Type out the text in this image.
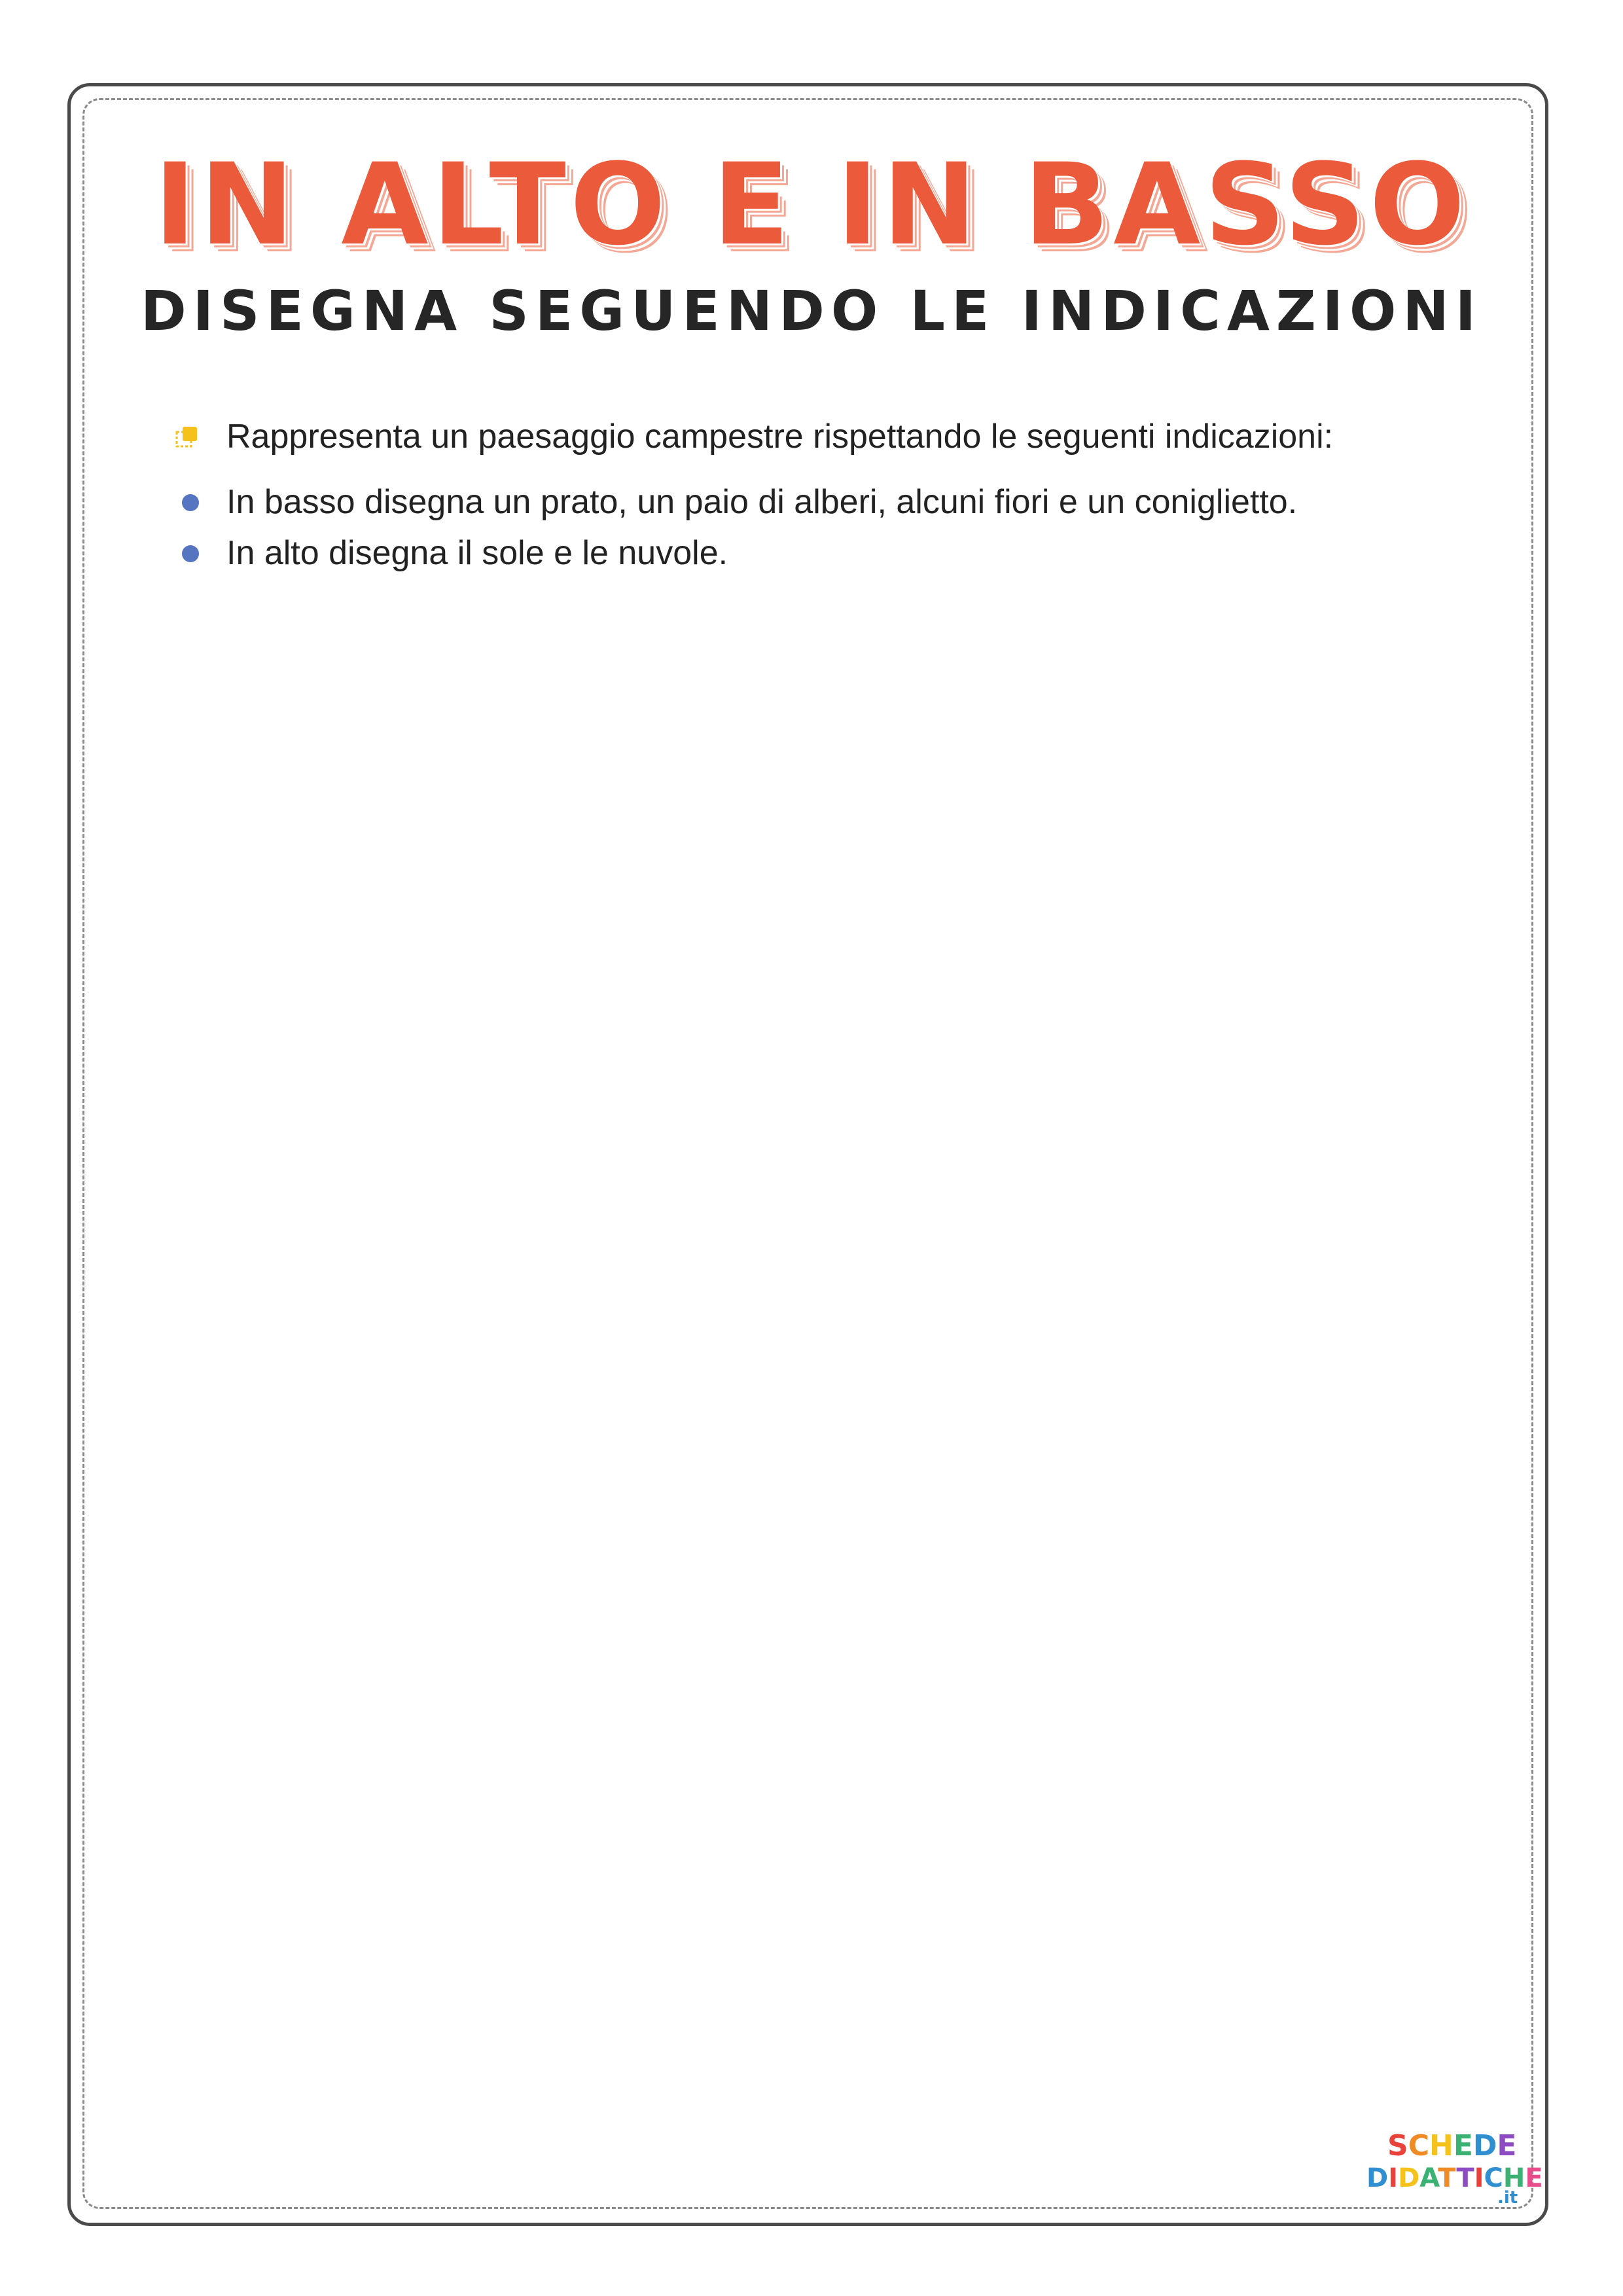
IN ALTO E IN BASSO
DISEGNA SEGUENDO LE INDICAZIONI
Rappresenta un paesaggio campestre rispettando le seguenti indicazioni:
In basso disegna un prato, un paio di alberi, alcuni fiori e un coniglietto.
In alto disegna il sole e le nuvole.
SCHEDE
DIDATTICHE
.it
